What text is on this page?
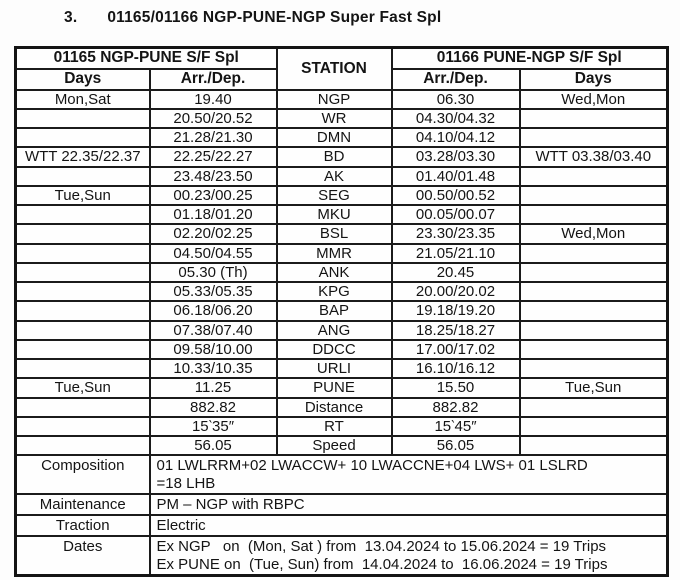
3. 01165/01166 NGP-PUNE-NGP Super Fast Spl
01165 NGP-PUNE S/F Spl		STATION	01166 PUNE-NGP S/F Spl	
Days	Arr./Dep.		Arr./Dep.	Days
Mon,Sat	19.40	NGP	06.30	Wed,Mon
	20.50/20.52	WR	04.30/04.32	
	21.28/21.30	DMN	04.10/04.12	
WTT 22.35/22.37	22.25/22.27	BD	03.28/03.30	WTT 03.38/03.40
	23.48/23.50	AK	01.40/01.48	
Tue,Sun	00.23/00.25	SEG	00.50/00.52	
	01.18/01.20	MKU	00.05/00.07	
	02.20/02.25	BSL	23.30/23.35	Wed,Mon
	04.50/04.55	MMR	21.05/21.10	
	05.30 (Th)	ANK	20.45	
	05.33/05.35	KPG	20.00/20.02	
	06.18/06.20	BAP	19.18/19.20	
	07.38/07.40	ANG	18.25/18.27	
	09.58/10.00	DDCC	17.00/17.02	
	10.33/10.35	URLI	16.10/16.12	
Tue,Sun	11.25	PUNE	15.50	Tue,Sun
	882.82	Distance	882.82	
	15‵35″	RT	15‵45″	
	56.05	Speed	56.05	
Composition	01 LWLRRM+02 LWACCW+ 10 LWACCNE+04 LWS+ 01 LSLRD
=18 LHB			

Maintenance	PM – NGP with RBPC			

Traction	Electric			

Dates	Ex NGP   on  (Mon, Sat ) from  13.04.2024 to 15.06.2024 = 19 Trips
Ex PUNE on  (Tue, Sun) from  14.04.2024 to  16.06.2024 = 19 Trips			
